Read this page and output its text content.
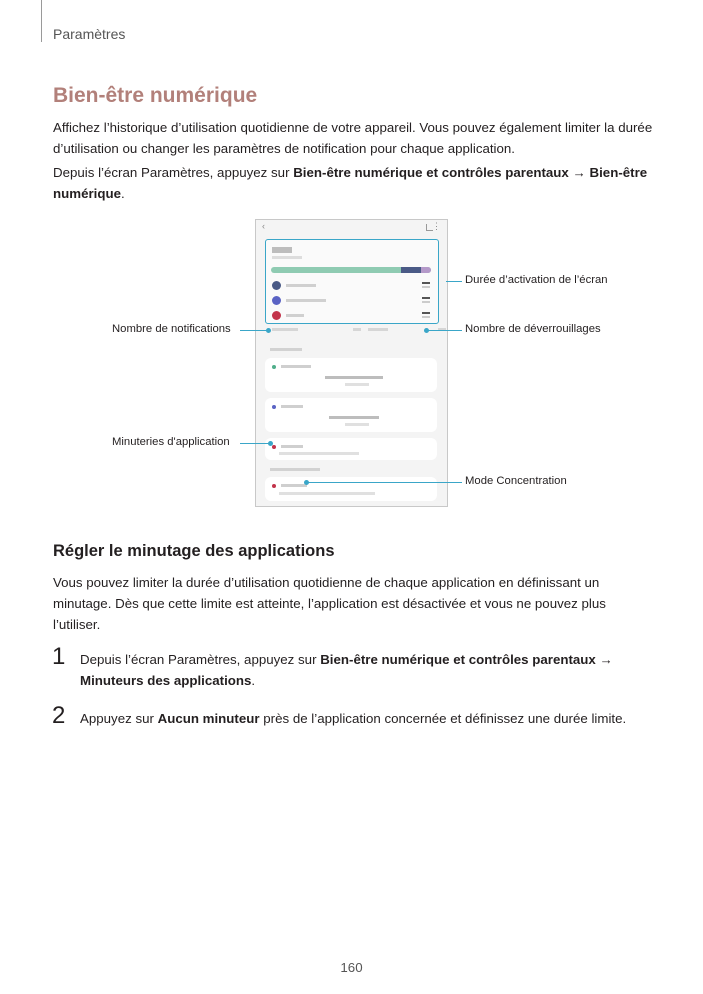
Paramètres
Bien-être numérique
Affichez l’historique d’utilisation quotidienne de votre appareil. Vous pouvez également limiter la durée d’utilisation ou changer les paramètres de notification pour chaque application.
Depuis l’écran Paramètres, appuyez sur Bien-être numérique et contrôles parentaux → Bien-être numérique.
‹	⋮
Durée d’activation de l’écran
Nombre de notifications	Nombre de déverrouillages
Minuteries d'application
Mode Concentration
Régler le minutage des applications
Vous pouvez limiter la durée d’utilisation quotidienne de chaque application en définissant un minutage. Dès que cette limite est atteinte, l’application est désactivée et vous ne pouvez plus l’utiliser.
1 Depuis l’écran Paramètres, appuyez sur Bien-être numérique et contrôles parentaux → Minuteurs des applications.
2 Appuyez sur Aucun minuteur près de l’application concernée et définissez une durée limite.
160
